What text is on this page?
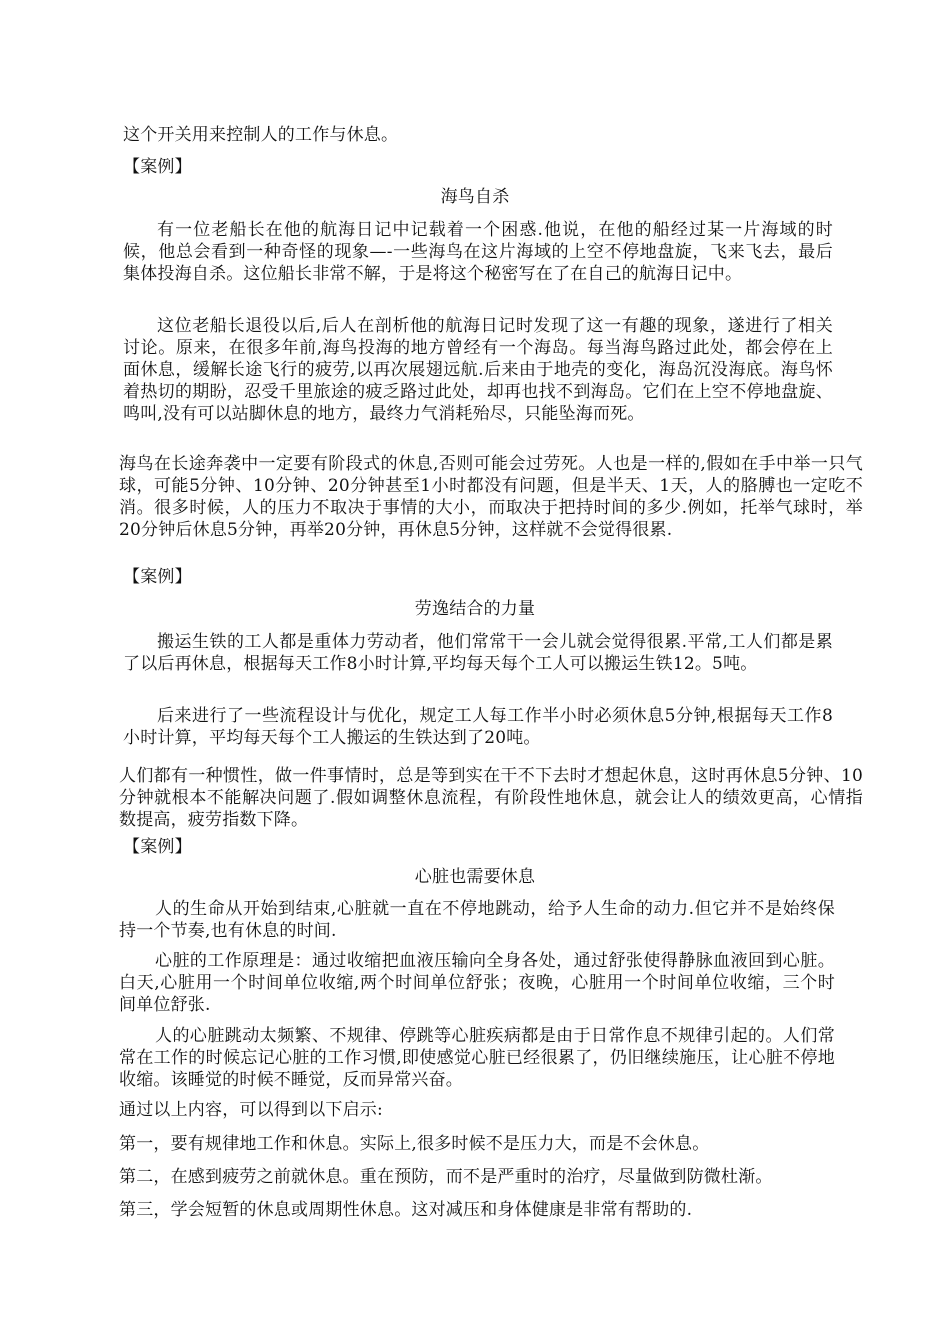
这个开关用来控制人的工作与休息。
【案例】
海鸟自杀
有一位老船长在他的航海日记中记载着一个困惑.他说，在他的船经过某一片海域的时候，他总会看到一种奇怪的现象—-一些海鸟在这片海域的上空不停地盘旋，飞来飞去，最后集体投海自杀。这位船长非常不解，于是将这个秘密写在了在自己的航海日记中。
这位老船长退役以后,后人在剖析他的航海日记时发现了这一有趣的现象，遂进行了相关讨论。原来，在很多年前,海鸟投海的地方曾经有一个海岛。每当海鸟路过此处，都会停在上面休息，缓解长途飞行的疲劳,以再次展翅远航.后来由于地壳的变化，海岛沉没海底。海鸟怀着热切的期盼，忍受千里旅途的疲乏路过此处，却再也找不到海岛。它们在上空不停地盘旋、鸣叫,没有可以站脚休息的地方，最终力气消耗殆尽，只能坠海而死。
海鸟在长途奔袭中一定要有阶段式的休息,否则可能会过劳死。人也是一样的,假如在手中举一只气球，可能5分钟、10分钟、20分钟甚至1小时都没有问题，但是半天、1天，人的胳膊也一定吃不消。很多时候，人的压力不取决于事情的大小，而取决于把持时间的多少.例如，托举气球时，举20分钟后休息5分钟，再举20分钟，再休息5分钟，这样就不会觉得很累.
【案例】
劳逸结合的力量
搬运生铁的工人都是重体力劳动者，他们常常干一会儿就会觉得很累.平常,工人们都是累了以后再休息，根据每天工作8小时计算,平均每天每个工人可以搬运生铁12。5吨。
后来进行了一些流程设计与优化，规定工人每工作半小时必须休息5分钟,根据每天工作8小时计算，平均每天每个工人搬运的生铁达到了20吨。
人们都有一种惯性，做一件事情时，总是等到实在干不下去时才想起休息，这时再休息5分钟、10分钟就根本不能解决问题了.假如调整休息流程，有阶段性地休息，就会让人的绩效更高，心情指数提高，疲劳指数下降。
【案例】
心脏也需要休息
人的生命从开始到结束,心脏就一直在不停地跳动，给予人生命的动力.但它并不是始终保持一个节奏,也有休息的时间.
心脏的工作原理是：通过收缩把血液压输向全身各处，通过舒张使得静脉血液回到心脏。白天,心脏用一个时间单位收缩,两个时间单位舒张；夜晚，心脏用一个时间单位收缩，三个时间单位舒张.
人的心脏跳动太频繁、不规律、停跳等心脏疾病都是由于日常作息不规律引起的。人们常常在工作的时候忘记心脏的工作习惯,即使感觉心脏已经很累了，仍旧继续施压，让心脏不停地收缩。该睡觉的时候不睡觉，反而异常兴奋。
通过以上内容，可以得到以下启示:
第一，要有规律地工作和休息。实际上,很多时候不是压力大，而是不会休息。
第二，在感到疲劳之前就休息。重在预防，而不是严重时的治疗，尽量做到防微杜渐。
第三，学会短暂的休息或周期性休息。这对减压和身体健康是非常有帮助的.
